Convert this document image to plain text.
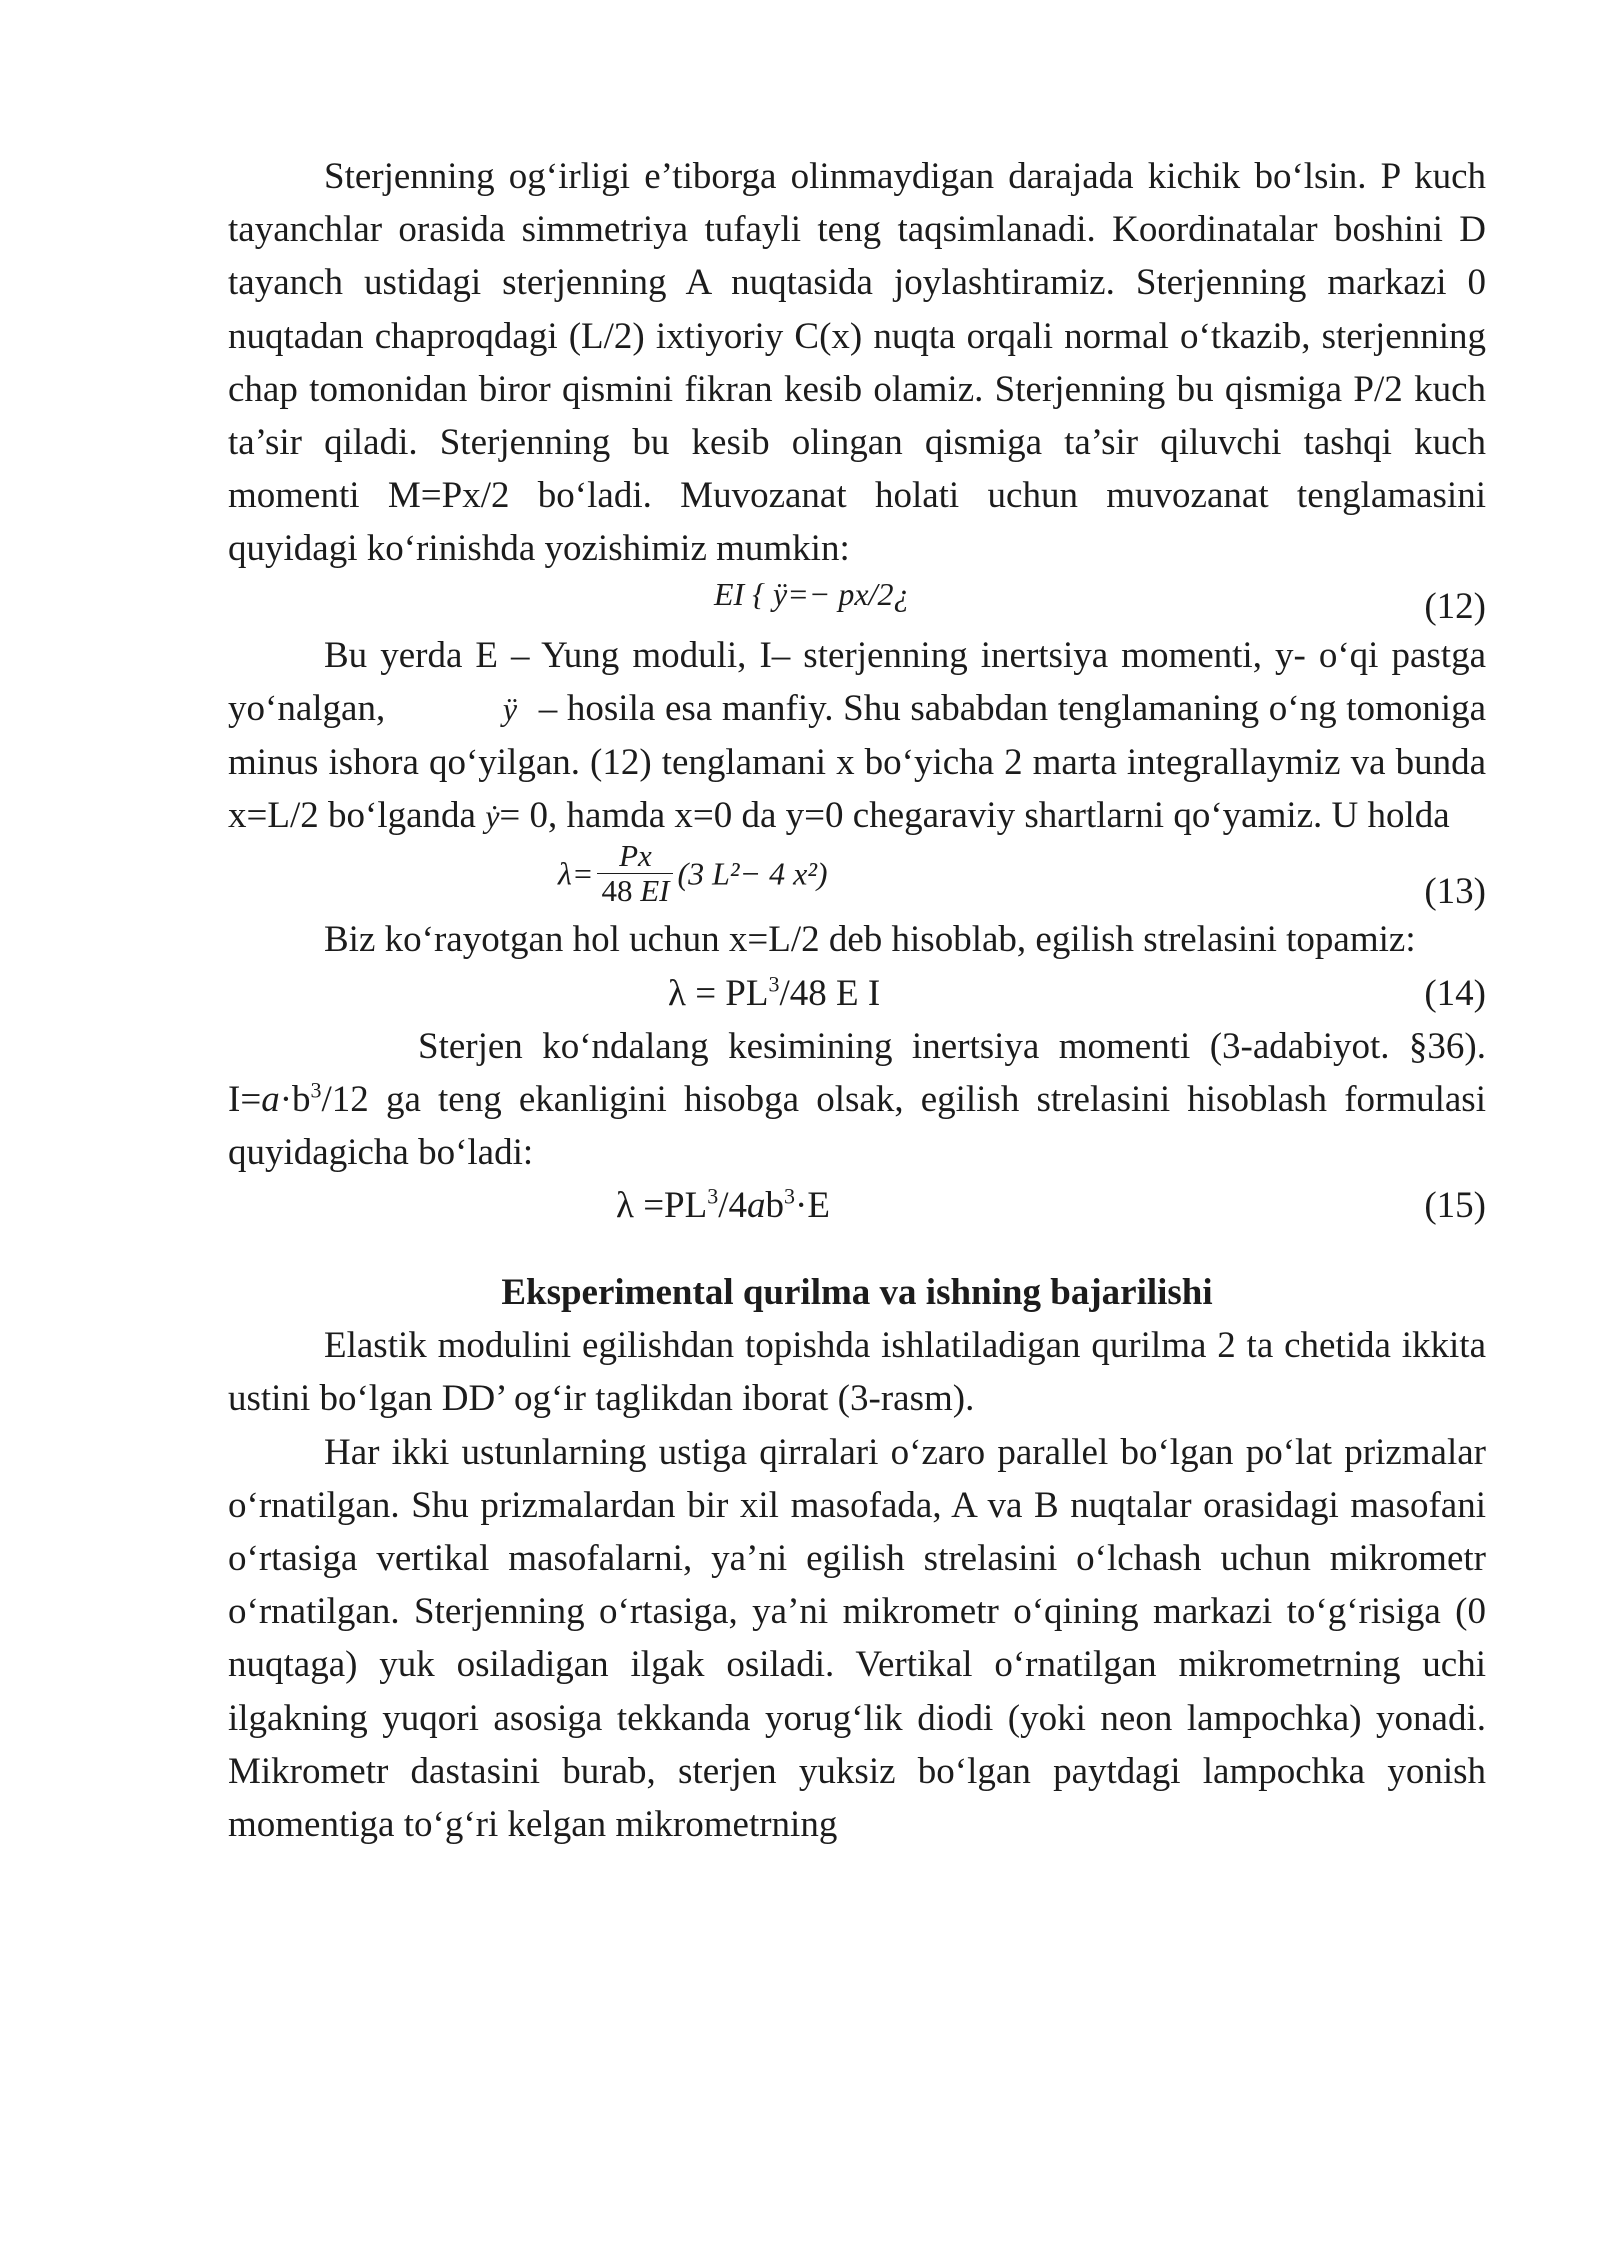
Sterjenning og‘irligi e’tiborga olinmaydigan darajada kichik bo‘lsin. P kuch tayanchlar orasida simmetriya tufayli teng taqsimlanadi. Koordinatalar boshini D tayanch ustidagi sterjenning A nuqtasida joylashtiramiz. Sterjenning markazi 0 nuqtadan chaproqdagi (L/2) ixtiyoriy C(x) nuqta orqali normal o‘tkazib, sterjenning chap tomonidan biror qismini fikran kesib olamiz. Sterjenning bu qismiga P/2 kuch ta’sir qiladi. Sterjenning bu kesib olingan qismiga ta’sir qiluvchi tashqi kuch momenti M=Px/2 bo‘ladi. Muvozanat holati uchun muvozanat tenglamasini quyidagi ko‘rinishda yozishimiz mumkin:

EI { ÿ=− px/2¿	(12)

Bu yerda E – Yung moduli, I– sterjenning inertsiya momenti, y- o‘qi pastga yo‘nalgan,	ÿ – hosila esa manfiy. Shu sababdan tenglamaning o‘ng tomoniga minus ishora qo‘yilgan. (12) tenglamani x bo‘yicha 2 marta integrallaymiz va bunda x=L/2 bo‘lganda ẏ= 0, hamda x=0 da y=0 chegaraviy shartlarni qo‘yamiz. U holda

$\lambda= \frac{Px}{48 EI} (3$ L²− 4 x²)	(13)

Biz ko‘rayotgan hol uchun x=L/2 deb hisoblab, egilish strelasini topamiz:

$\lambda = PL^3/48$ E I	(14)

Sterjen ko‘ndalang kesimining inertsiya momenti (3-adabiyot. §36). $I=a\cdot b^3/12$ ga teng ekanligini hisobga olsak, egilish strelasini hisoblash formulasi quyidagicha bo‘ladi:

$\lambda =PL^3/4ab^3\cdot E$	(15)
Eksperimental qurilma va ishning bajarilishi

Elastik modulini egilishdan topishda ishlatiladigan qurilma 2 ta chetida ikkita ustini bo‘lgan DD’ og‘ir taglikdan iborat (3-rasm).

Har ikki ustunlarning ustiga qirralari o‘zaro parallel bo‘lgan po‘lat prizmalar o‘rnatilgan. Shu prizmalardan bir xil masofada, A va B nuqtalar orasidagi masofani o‘rtasiga vertikal masofalarni, ya’ni egilish strelasini o‘lchash uchun mikrometr o‘rnatilgan. Sterjenning o‘rtasiga, ya’ni mikrometr o‘qining markazi to‘g‘risiga (0 nuqtaga) yuk osiladigan ilgak osiladi. Vertikal o‘rnatilgan mikrometrning uchi ilgakning yuqori asosiga tekkanda yorug‘lik diodi (yoki neon lampochka) yonadi. Mikrometr dastasini burab, sterjen yuksiz bo‘lgan paytdagi lampochka yonish momentiga to‘g‘ri kelgan mikrometrning
